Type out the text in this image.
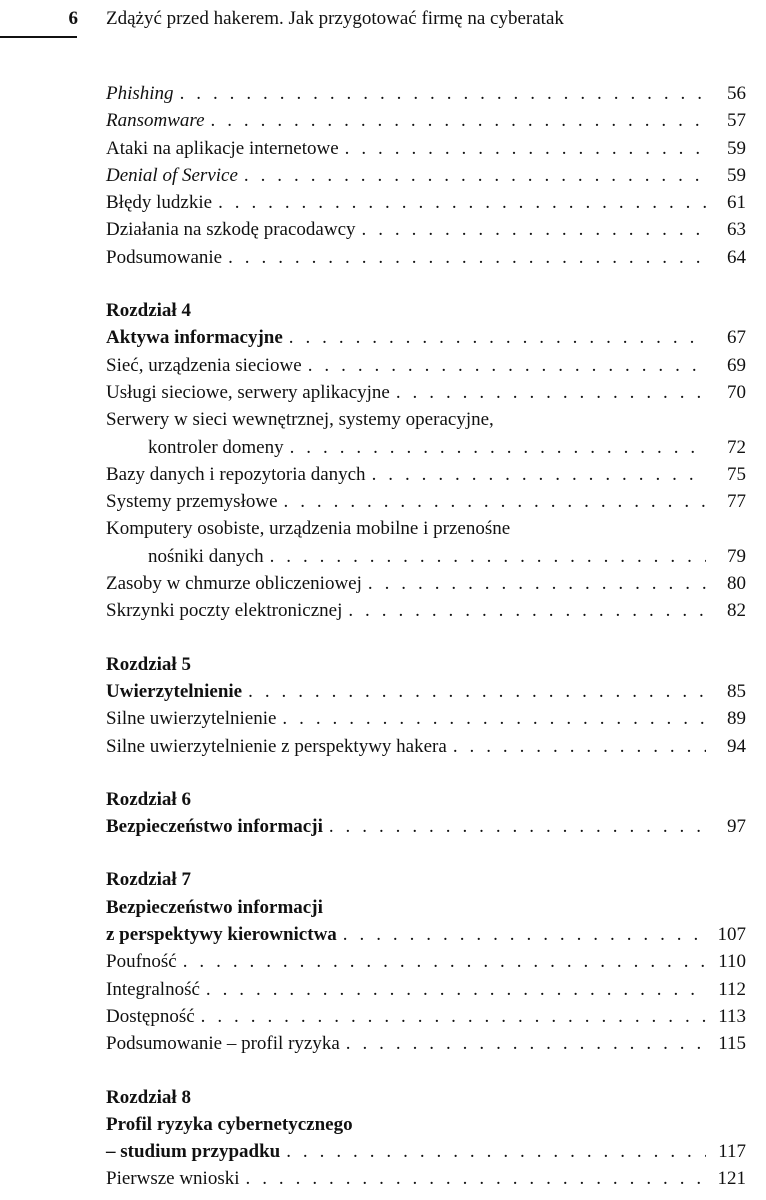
6 Zdążyć przed hakerem. Jak przygotować firmę na cyberatak
Phishing . . .	56
Ransomware . . .	57
Ataki na aplikacje internetowe . . .	59
Denial of Service . . .	59
Błędy ludzkie . . .	61
Działania na szkodę pracodawcy . . .	63
Podsumowanie . . .	64
Rozdział 4
Aktywa informacyjne . . .	67
Sieć, urządzenia sieciowe . . .	69
Usługi sieciowe, serwery aplikacyjne . . .	70
Serwery w sieci wewnętrznej, systemy operacyjne,
kontroler domeny . . .	72
Bazy danych i repozytoria danych . . .	75
Systemy przemysłowe . . .	77
Komputery osobiste, urządzenia mobilne i przenośne
nośniki danych . . .	79
Zasoby w chmurze obliczeniowej . . .	80
Skrzynki poczty elektronicznej . . .	82
Rozdział 5
Uwierzytelnienie . . .	85
Silne uwierzytelnienie . . .	89
Silne uwierzytelnienie z perspektywy hakera . . .	94
Rozdział 6
Bezpieczeństwo informacji . . .	97
Rozdział 7
Bezpieczeństwo informacji
z perspektywy kierownictwa . . .	107
Poufność . . .	110
Integralność . . .	112
Dostępność . . .	113
Podsumowanie – profil ryzyka . . .	115
Rozdział 8
Profil ryzyka cybernetycznego
– studium przypadku . . .	117
Pierwsze wnioski . . .	121
